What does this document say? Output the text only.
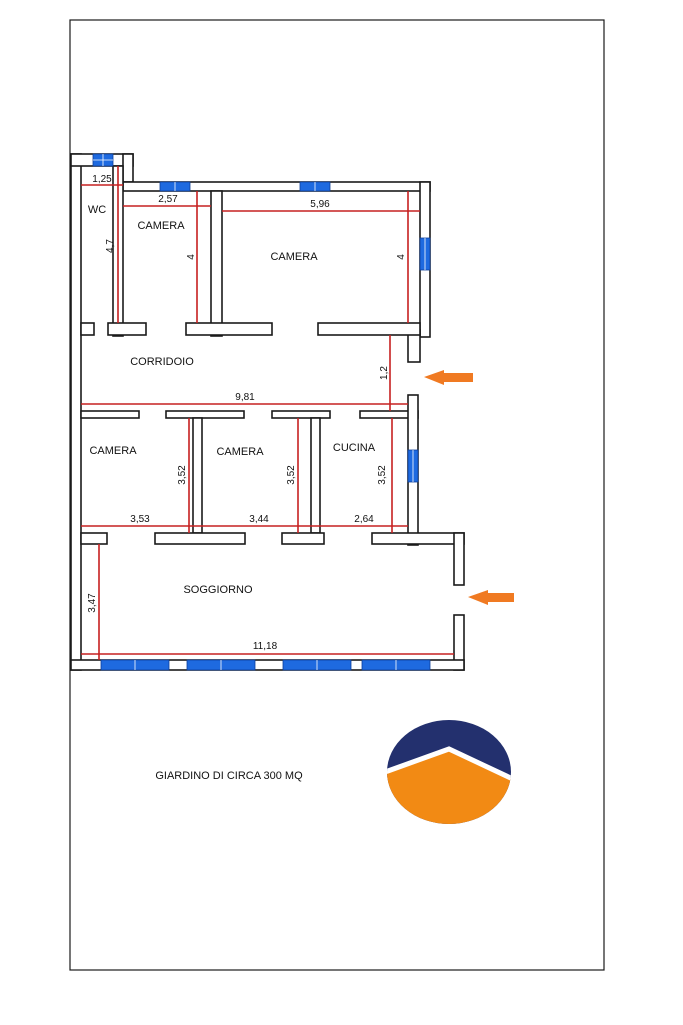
1,25
4,7
2,57
4
5,96
4
1,2
9,81
3,52	3,52	3,52
3,53	3,44	2,64
3,47
11,18
WC
CAMERA
CAMERA
CORRIDOIO
CAMERA	CAMERA	CUCINA
SOGGIORNO
GIARDINO DI CIRCA 300 MQ
